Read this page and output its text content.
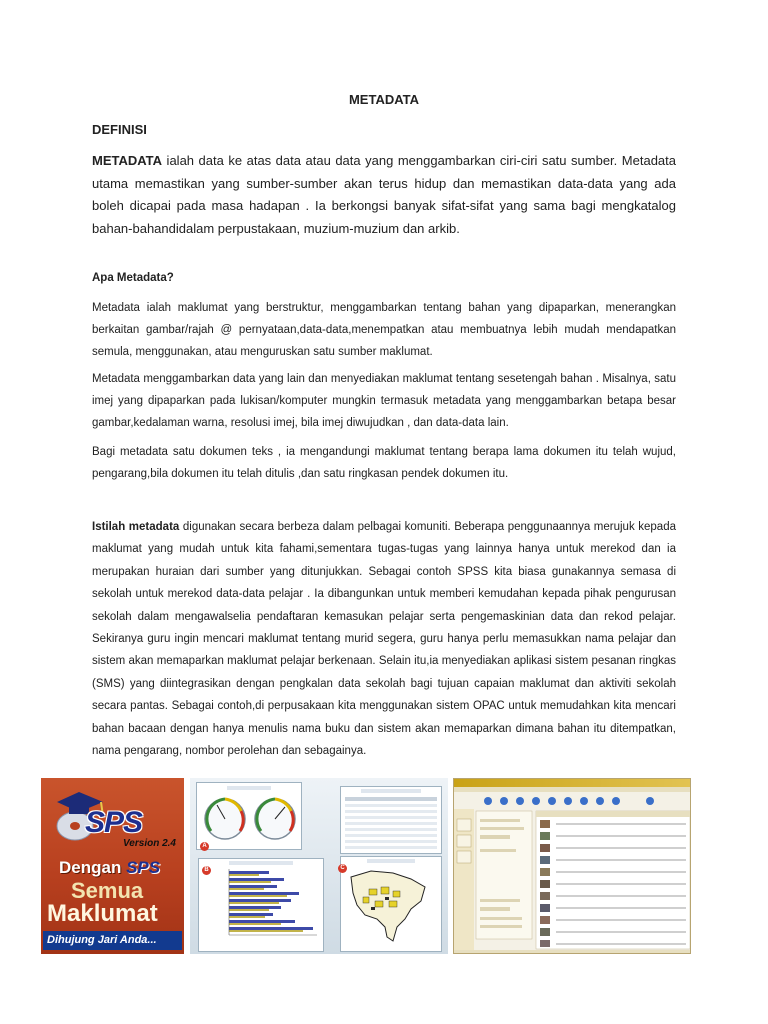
METADATA
DEFINISI
METADATA ialah data ke atas data atau data yang menggambarkan ciri-ciri satu sumber. Metadata utama memastikan yang sumber-sumber akan terus hidup dan memastikan data-data yang ada boleh dicapai pada masa hadapan . Ia berkongsi banyak sifat-sifat yang sama bagi mengkatalog bahan-bahandidalam perpustakaan, muzium-muzium dan arkib.
Apa Metadata?
Metadata ialah maklumat yang berstruktur, menggambarkan tentang bahan yang dipaparkan, menerangkan berkaitan gambar/rajah @ pernyataan,data-data,menempatkan atau membuatnya lebih mudah mendapatkan semula, menggunakan, atau menguruskan satu sumber maklumat.
Metadata menggambarkan data yang lain dan menyediakan maklumat tentang sesetengah bahan . Misalnya, satu imej yang dipaparkan pada lukisan/komputer mungkin termasuk metadata yang menggambarkan betapa besar gambar,kedalaman warna, resolusi imej, bila imej diwujudkan , dan data-data lain.
Bagi metadata satu dokumen teks , ia mengandungi maklumat tentang berapa lama dokumen itu telah wujud, pengarang,bila dokumen itu telah ditulis ,dan satu ringkasan pendek dokumen itu.
Istilah metadata digunakan secara berbeza dalam pelbagai komuniti. Beberapa penggunaannya merujuk kepada maklumat yang mudah untuk kita fahami,sementara tugas-tugas yang lainnya hanya untuk merekod dan ia merupakan huraian dari sumber yang ditunjukkan. Sebagai contoh SPSS kita biasa gunakannya semasa di sekolah untuk merekod data-data pelajar . Ia dibangunkan untuk memberi kemudahan kepada pihak pengurusan sekolah dalam mengawalselia pendaftaran kemasukan pelajar serta pengemaskinian data dan rekod pelajar. Sekiranya guru ingin mencari maklumat tentang murid segera, guru hanya perlu memasukkan nama pelajar dan sistem akan memaparkan maklumat pelajar berkenaan. Selain itu,ia menyediakan aplikasi sistem pesanan ringkas (SMS) yang diintegrasikan dengan pengkalan data sekolah bagi tujuan capaian maklumat dan aktiviti sekolah secara pantas. Sebagai contoh,di perpusakaan kita menggunakan sistem OPAC untuk memudahkan kita mencari bahan bacaan dengan hanya menulis nama buku dan sistem akan memaparkan dimana bahan itu ditempatkan, nama pengarang, nombor perolehan dan sebagainya.
SPS
Version 2.4
Dengan SPS
Semua
Maklumat
Dihujung Jari Anda...
A
B	C
